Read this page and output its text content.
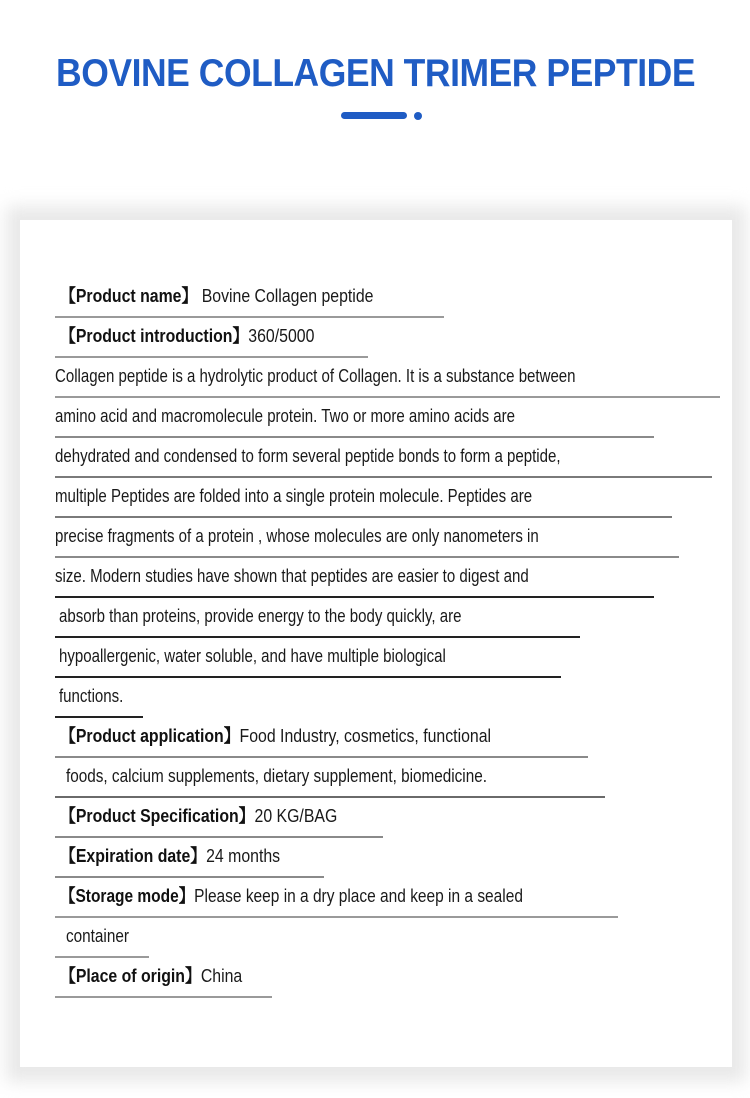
BOVINE COLLAGEN TRIMER PEPTIDE
【Product name】 Bovine Collagen peptide
【Product introduction】360/5000
Collagen peptide is a hydrolytic product of Collagen. It is a substance between
amino acid and macromolecule protein. Two or more amino acids are
dehydrated and condensed to form several peptide bonds to form a peptide,
multiple Peptides are folded into a single protein molecule. Peptides are
precise fragments of a protein , whose molecules are only nanometers in
size. Modern studies have shown that peptides are easier to digest and
absorb than proteins, provide energy to the body quickly, are
hypoallergenic, water soluble, and have multiple biological
functions.
【Product application】Food Industry, cosmetics, functional
foods, calcium supplements, dietary supplement, biomedicine.
【Product Specification】20 KG/BAG
【Expiration date】24 months
【Storage mode】Please keep in a dry place and keep in a sealed
container
【Place of origin】China
